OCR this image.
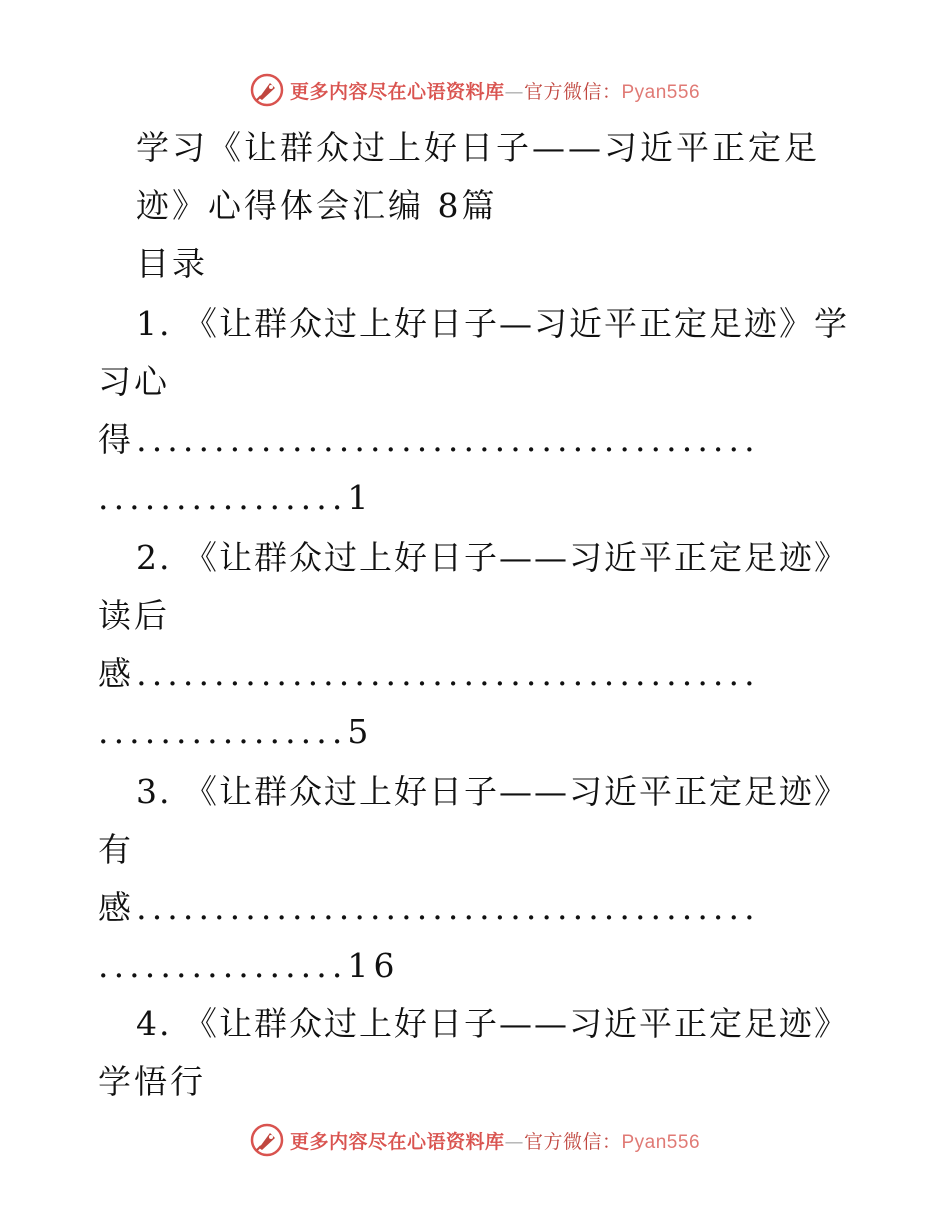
更多内容尽在心语资料库—官方微信：Pyan556

学习《让群众过上好日子——习近平正定足

迹》心得体会汇编 8篇

目录

1. 《让群众过上好日子—习近平正定足迹》学

习心

得........................................

................1

2. 《让群众过上好日子——习近平正定足迹》

读后

感........................................

................5

3. 《让群众过上好日子——习近平正定足迹》

有

感........................................

................16

4. 《让群众过上好日子——习近平正定足迹》

学悟行

更多内容尽在心语资料库—官方微信：Pyan556
